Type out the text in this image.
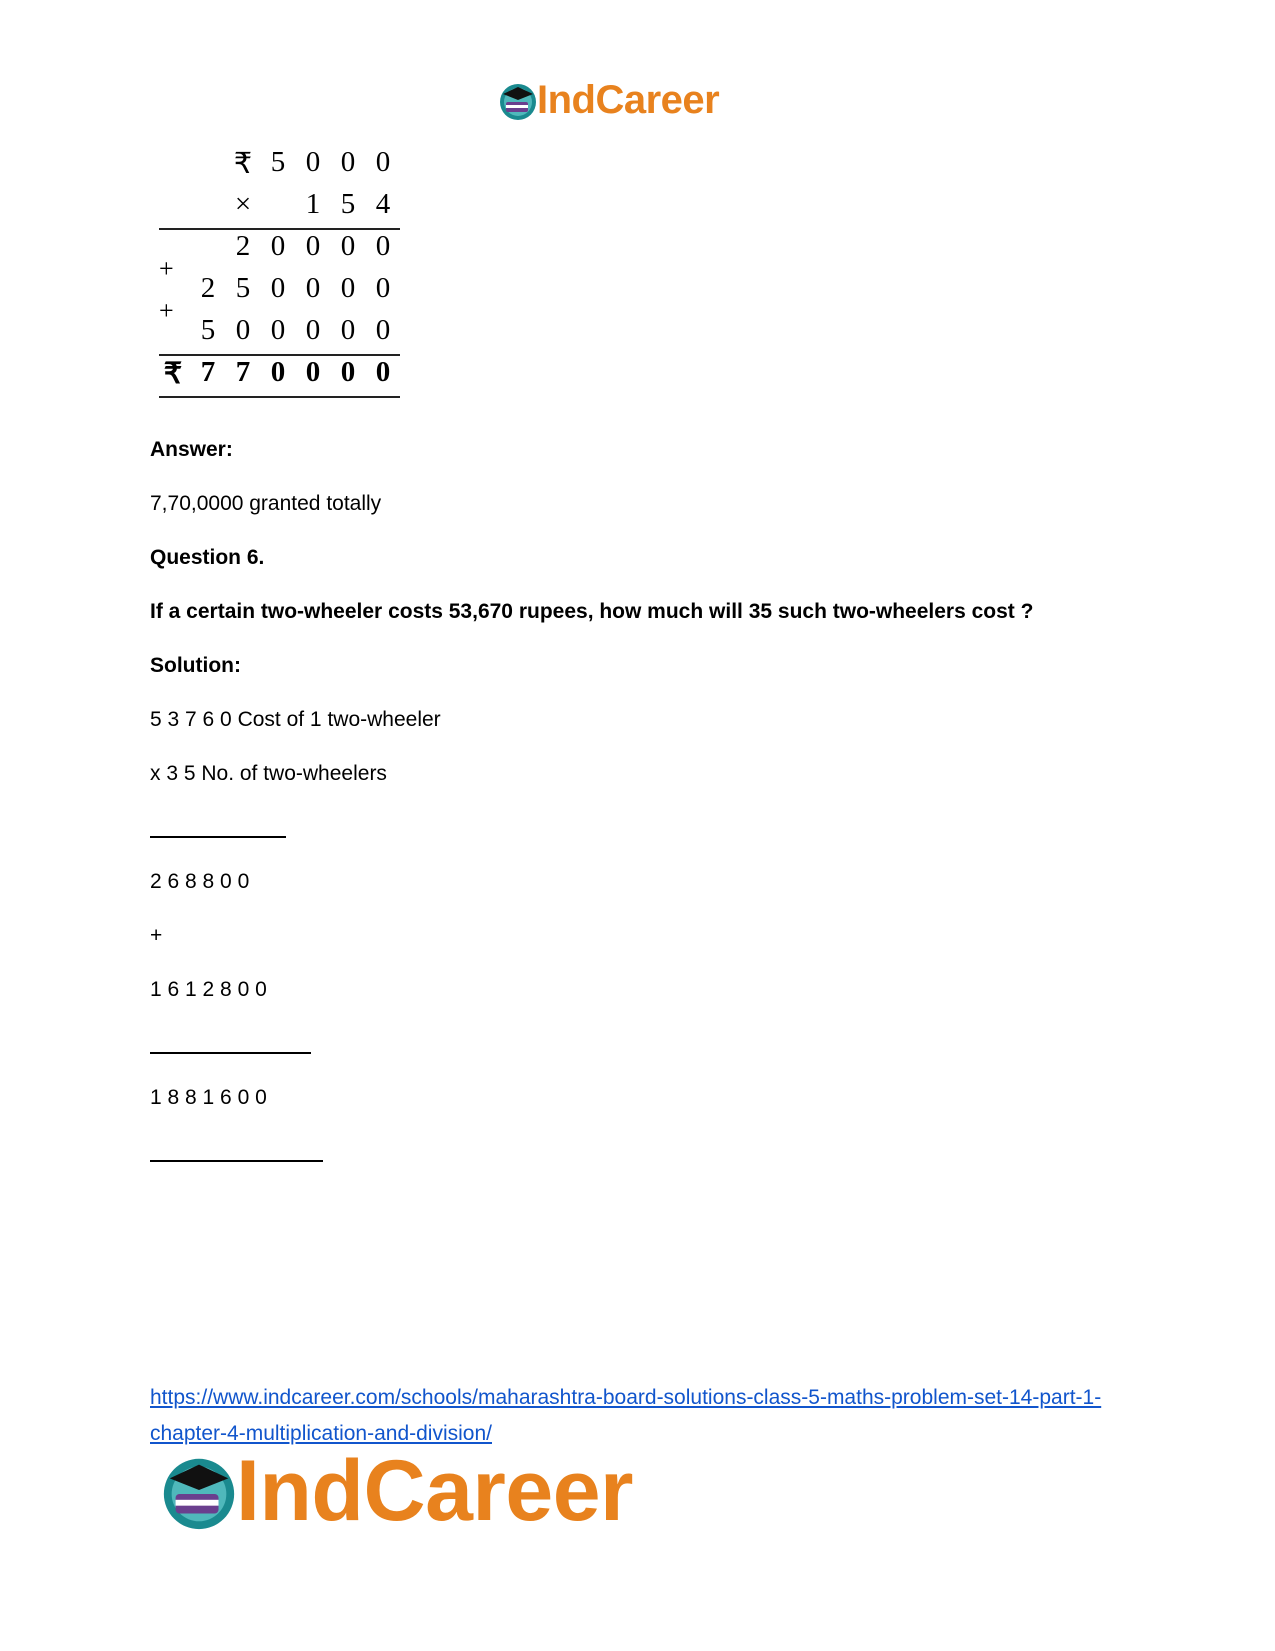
IndCareer
₹ 5 0 0 0
×	1 5 4
2 0 0 0 0
+
2 5 0 0 0 0
+
5 0 0 0 0 0
₹ 7 7 0 0 0 0
Answer:
7,70,0000 granted totally
Question 6.
If a certain two-wheeler costs 53,670 rupees, how much will 35 such two-wheelers cost ?
Solution:
5 3 7 6 0 Cost of 1 two-wheeler
x 3 5 No. of two-wheelers
2 6 8 8 0 0
+
1 6 1 2 8 0 0
1 8 8 1 6 0 0
https://www.indcareer.com/schools/maharashtra-board-solutions-class-5-maths-problem-set-14-part-1-chapter-4-multiplication-and-division/
IndCareer
